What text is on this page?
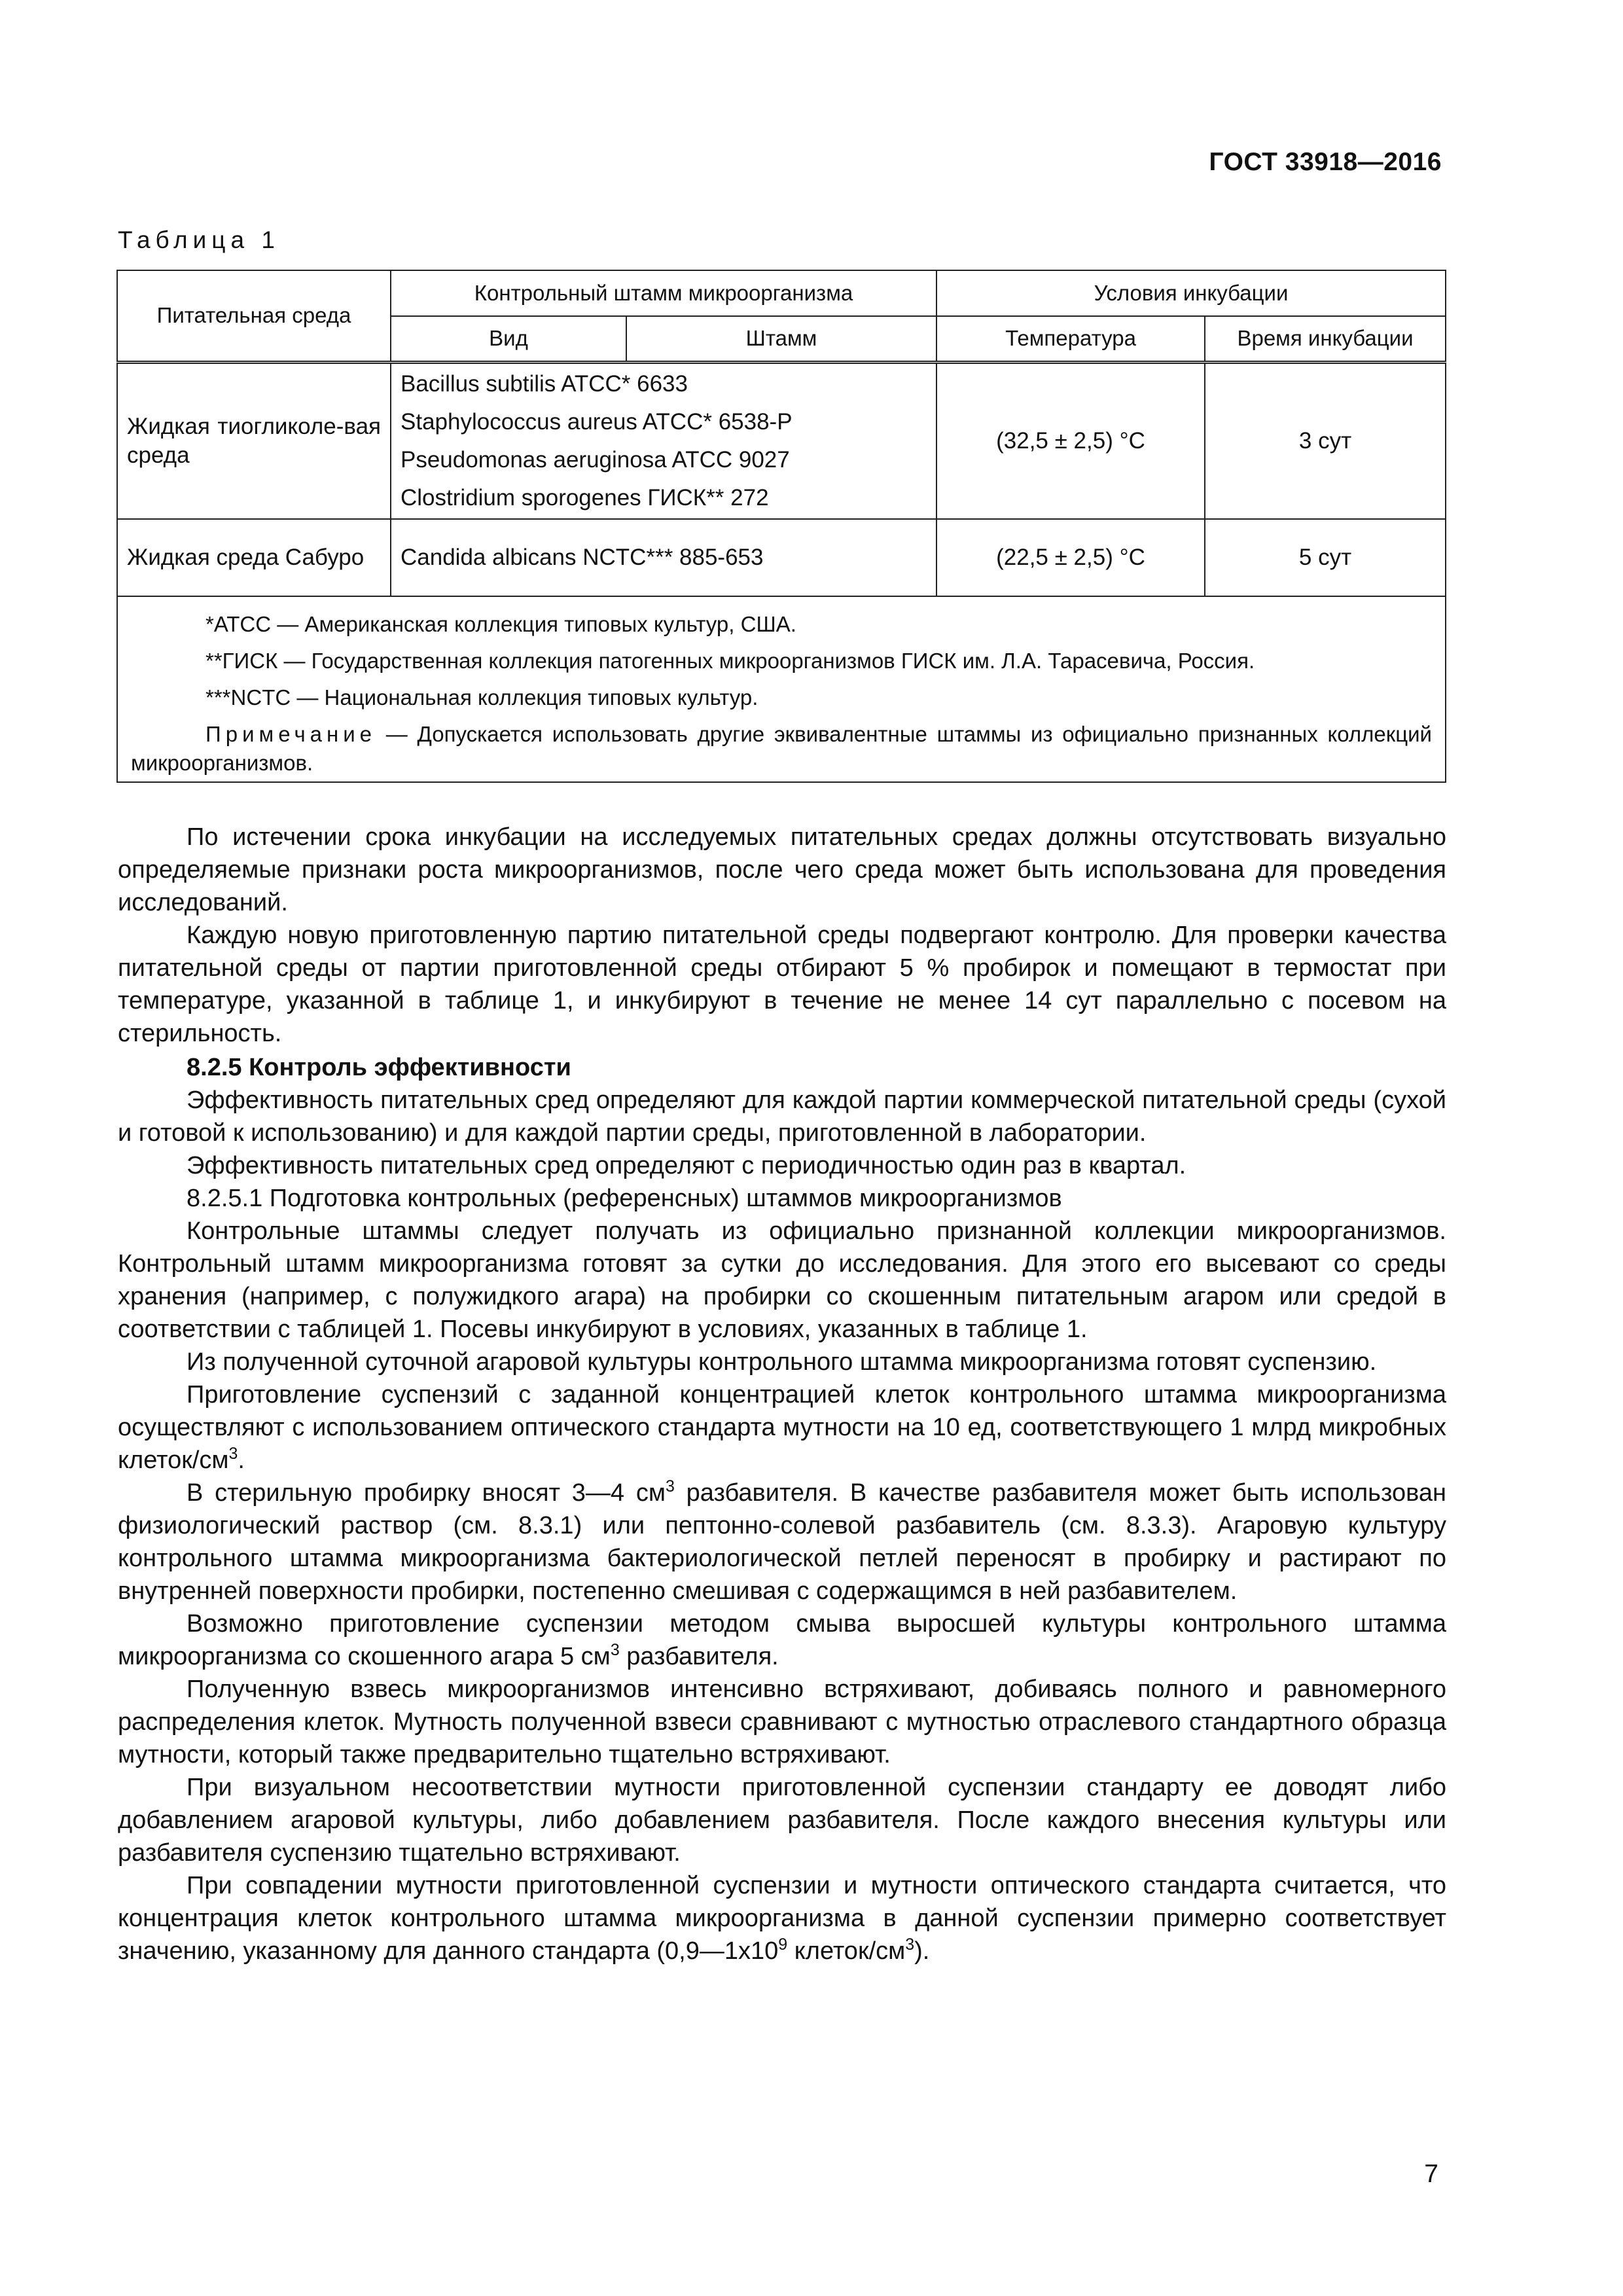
ГОСТ 33918—2016
Таблица 1
Питательная среда	Контрольный штамм микроорганизма		Условия инкубации	
	Вид	Штамм	Температура	Время инкубации
Жидкая тиогликоле-вая среда	Bacillus subtilis ATCC* 6633
Staphylococcus aureus ATCC* 6538-P
Pseudomonas aeruginosa ATCC 9027
Clostridium sporogenes ГИСК** 272		(32,5 ± 2,5) °С	3 сут
Жидкая среда Сабуро	Candida albicans NCTC*** 885-653		(22,5 ± 2,5) °С	5 сут

*АТСС — Американская коллекция типовых культур, США.

**ГИСК — Государственная коллекция патогенных микроорганизмов ГИСК им. Л.А. Тарасевича, Россия.

***NCTC — Национальная коллекция типовых культур.

Примечание — Допускается использовать другие эквивалентные штаммы из официально признанных коллекций микроорганизмов.				

По истечении срока инкубации на исследуемых питательных средах должны отсутствовать визуально определяемые признаки роста микроорганизмов, после чего среда может быть использована для проведения исследований.

Каждую новую приготовленную партию питательной среды подвергают контролю. Для проверки качества питательной среды от партии приготовленной среды отбирают 5 % пробирок и помещают в термостат при температуре, указанной в таблице 1, и инкубируют в течение не менее 14 сут параллельно с посевом на стерильность.

8.2.5 Контроль эффективности

Эффективность питательных сред определяют для каждой партии коммерческой питательной среды (сухой и готовой к использованию) и для каждой партии среды, приготовленной в лаборатории.

Эффективность питательных сред определяют с периодичностью один раз в квартал.

8.2.5.1 Подготовка контрольных (референсных) штаммов микроорганизмов

Контрольные штаммы следует получать из официально признанной коллекции микроорганизмов. Контрольный штамм микроорганизма готовят за сутки до исследования. Для этого его высевают со среды хранения (например, с полужидкого агара) на пробирки со скошенным питательным агаром или средой в соответствии с таблицей 1. Посевы инкубируют в условиях, указанных в таблице 1.

Из полученной суточной агаровой культуры контрольного штамма микроорганизма готовят суспензию.

Приготовление суспензий с заданной концентрацией клеток контрольного штамма микроорганизма осуществляют с использованием оптического стандарта мутности на 10 ед, соответствующего 1 млрд микробных клеток/$см^3$.

В стерильную пробирку вносят 3—4 $см^3$ разбавителя. В качестве разбавителя может быть использован физиологический раствор (см. 8.3.1) или пептонно-солевой разбавитель (см. 8.3.3). Агаровую культуру контрольного штамма микроорганизма бактериологической петлей переносят в пробирку и растирают по внутренней поверхности пробирки, постепенно смешивая с содержащимся в ней разбавителем.

Возможно приготовление суспензии методом смыва выросшей культуры контрольного штамма микроорганизма со скошенного агара 5 $см^3$ разбавителя.

Полученную взвесь микроорганизмов интенсивно встряхивают, добиваясь полного и равномерного распределения клеток. Мутность полученной взвеси сравнивают с мутностью отраслевого стандартного образца мутности, который также предварительно тщательно встряхивают.

При визуальном несоответствии мутности приготовленной суспензии стандарту ее доводят либо добавлением агаровой культуры, либо добавлением разбавителя. После каждого внесения культуры или разбавителя суспензию тщательно встряхивают.

При совпадении мутности приготовленной суспензии и мутности оптического стандарта считается, что концентрация клеток контрольного штамма микроорганизма в данной суспензии примерно соответствует значению, указанному для данного стандарта ($0,9—1х10^9$ клеток/$см^3$).

7
